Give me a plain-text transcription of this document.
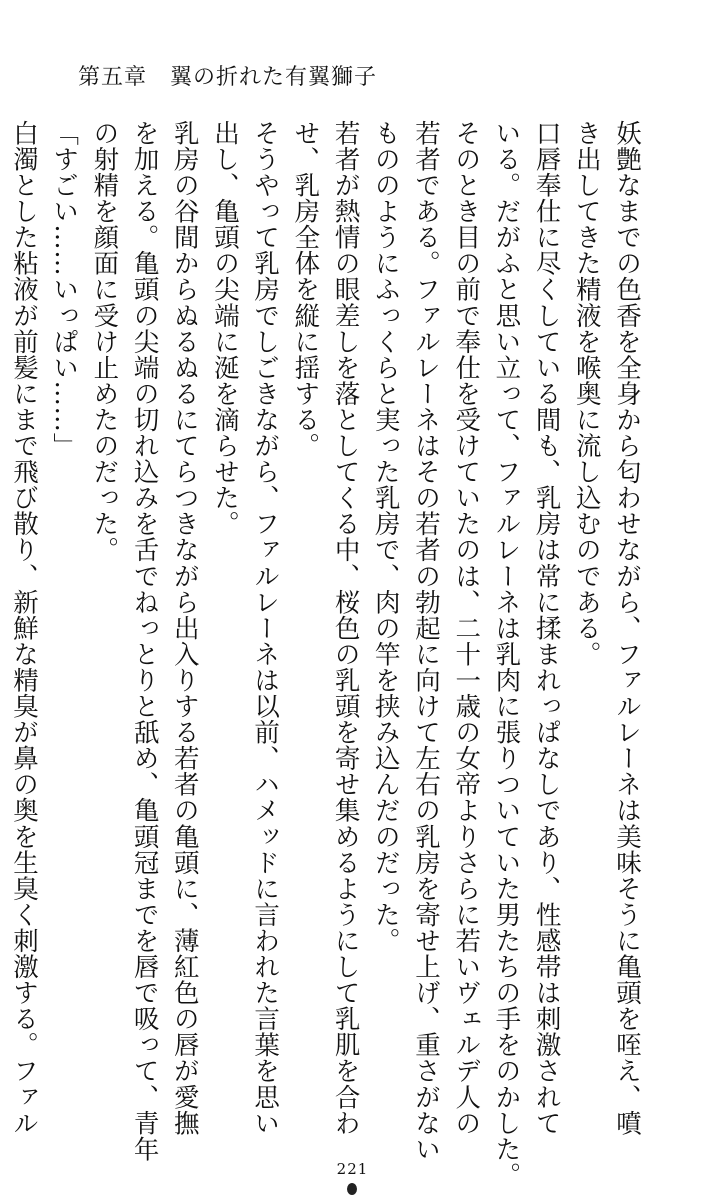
第五章　翼の折れた有翼獅子
妖艶なまでの色香を全身から匂わせながら、ファルレーネは美味そうに亀頭を咥え、噴
き出してきた精液を喉奥に流し込むのである。
口唇奉仕に尽くしている間も、乳房は常に揉まれっぱなしであり、性感帯は刺激されて
いる。だがふと思い立って、ファルレーネは乳肉に張りついていた男たちの手をのかした。
そのとき目の前で奉仕を受けていたのは、二十一歳の女帝よりさらに若いヴェルデ人の
若者である。ファルレーネはその若者の勃起に向けて左右の乳房を寄せ上げ、重さがない
もののようにふっくらと実った乳房で、肉の竿を挟み込んだのだった。
若者が熱情の眼差しを落としてくる中、桜色の乳頭を寄せ集めるようにして乳肌を合わ
せ、乳房全体を縦に揺する。
そうやって乳房でしごきながら、ファルレーネは以前、ハメッドに言われた言葉を思い
出し、亀頭の尖端に涎を滴らせた。
乳房の谷間からぬるぬるにてらつきながら出入りする若者の亀頭に、薄紅色の唇が愛撫
を加える。亀頭の尖端の切れ込みを舌でねっとりと舐め、亀頭冠までを唇で吸って、青年
の射精を顔面に受け止めたのだった。
「すごい……いっぱい……」
白濁とした粘液が前髪にまで飛び散り、新鮮な精臭が鼻の奥を生臭く刺激する。ファル
221
